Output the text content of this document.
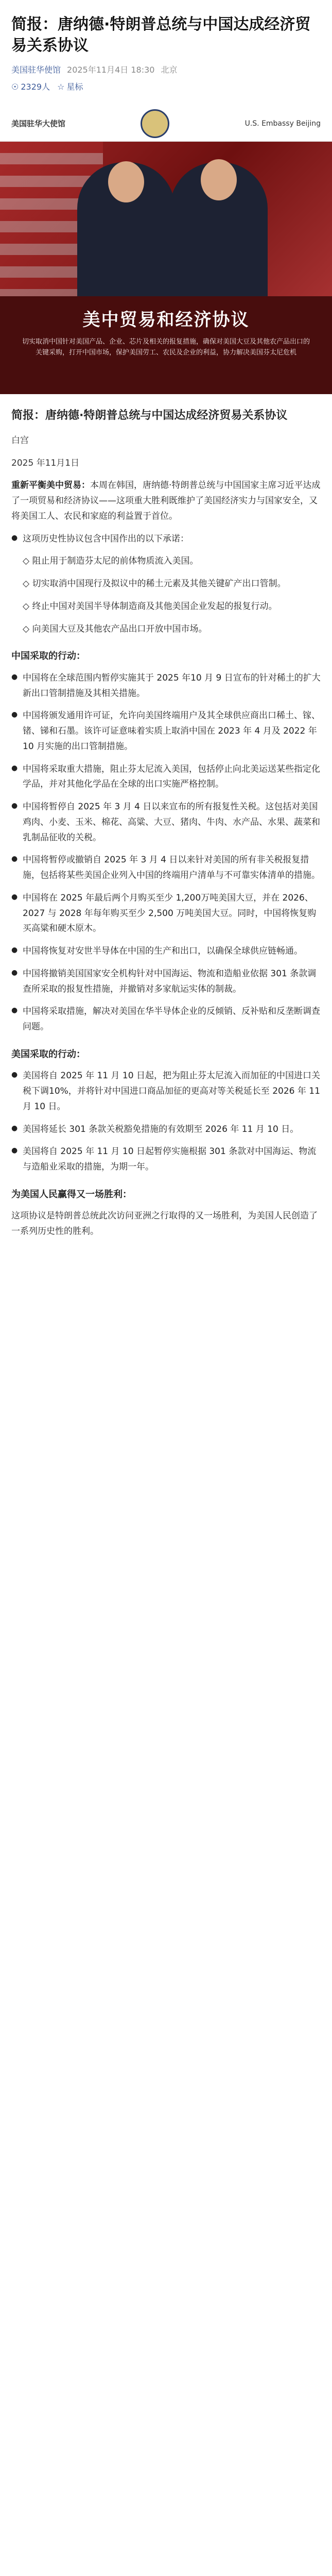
简报：唐纳德·特朗普总统与中国达成经济贸易关系协议
美国驻华使馆 2025年11月4日 18:30 北京
☉ 2329人 ☆ 星标
美国驻华大使馆	U.S. Embassy Beijing
美中贸易和经济协议
切实取消中国针对美国产品、企业、芯片及相关的报复措施，确保对美国大豆及其他农产品出口的关键采购，打开中国市场，保护美国劳工、农民及企业的利益，协力解决美国芬太尼危机
简报：唐纳德·特朗普总统与中国达成经济贸易关系协议

白宫

2025 年11月1日

重新平衡美中贸易：本周在韩国，唐纳德·特朗普总统与中国国家主席习近平达成了一项贸易和经济协议——这项重大胜利既维护了美国经济实力与国家安全，又将美国工人、农民和家庭的利益置于首位。

● 这项历史性协议包含中国作出的以下承诺：

◇ 阻止用于制造芬太尼的前体物质流入美国。

◇ 切实取消中国现行及拟议中的稀土元素及其他关键矿产出口管制。

◇ 终止中国对美国半导体制造商及其他美国企业发起的报复行动。

◇ 向美国大豆及其他农产品出口开放中国市场。

中国采取的行动：
● 中国将在全球范围内暂停实施其于 2025 年10 月 9 日宣布的针对稀土的扩大新出口管制措施及其相关措施。
● 中国将颁发通用许可证，允许向美国终端用户及其全球供应商出口稀土、镓、锗、锑和石墨。该许可证意味着实质上取消中国在 2023 年 4 月及 2022 年 10 月实施的出口管制措施。
● 中国将采取重大措施，阻止芬太尼流入美国，包括停止向北美运送某些指定化学品，并对其他化学品在全球的出口实施严格控制。
● 中国将暂停自 2025 年 3 月 4 日以来宣布的所有报复性关税。这包括对美国鸡肉、小麦、玉米、棉花、高粱、大豆、猪肉、牛肉、水产品、水果、蔬菜和乳制品征收的关税。
● 中国将暂停或撤销自 2025 年 3 月 4 日以来针对美国的所有非关税报复措施，包括将某些美国企业列入中国的终端用户清单与不可靠实体清单的措施。
● 中国将在 2025 年最后两个月购买至少 1,200万吨美国大豆，并在 2026、2027 与 2028 年每年购买至少 2,500 万吨美国大豆。同时，中国将恢复购买高粱和硬木原木。
● 中国将恢复对安世半导体在中国的生产和出口，以确保全球供应链畅通。
● 中国将撤销美国国家安全机构针对中国海运、物流和造船业依据 301 条款调查所采取的报复性措施，并撤销对多家航运实体的制裁。
● 中国将采取措施，解决对美国在华半导体企业的反倾销、反补贴和反垄断调查问题。
美国采取的行动：
● 美国将自 2025 年 11 月 10 日起，把为阻止芬太尼流入而加征的中国进口关税下调10%，并将针对中国进口商品加征的更高对等关税延长至 2026 年 11 月 10 日。
● 美国将延长 301 条款关税豁免措施的有效期至 2026 年 11 月 10 日。
● 美国将自 2025 年 11 月 10 日起暂停实施根据 301 条款对中国海运、物流与造船业采取的措施，为期一年。
为美国人民赢得又一场胜利：

这项协议是特朗普总统此次访问亚洲之行取得的又一场胜利，为美国人民创造了一系列历史性的胜利。
